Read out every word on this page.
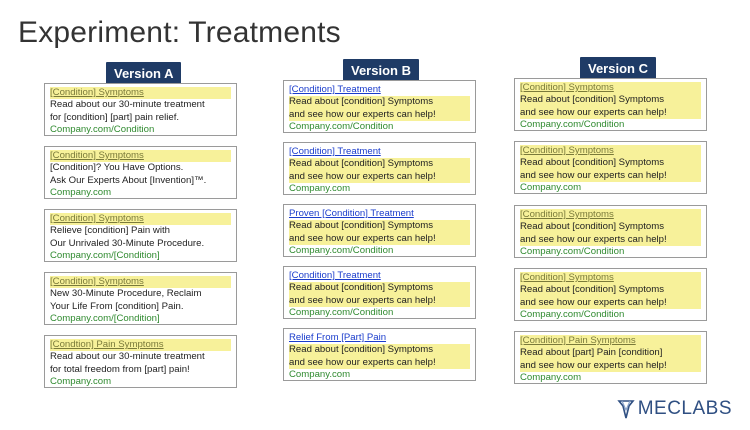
Experiment: Treatments
Version A
[Condition] Symptoms
Read about our 30-minute treatment
for [condition] [part] pain relief.
Company.com/Condition
[Condition] Symptoms
[Condition]? You Have Options.
Ask Our Experts About [Invention]™.
Company.com
[Condition] Symptoms
Relieve [condition] Pain with
Our Unrivaled 30-Minute Procedure.
Company.com/[Condition]
[Condition] Symptoms
New 30-Minute Procedure, Reclaim
Your Life From [condition] Pain.
Company.com/[Condition]
[Condtion] Pain Symptoms
Read about our 30-minute treatment
for total freedom from [part] pain!
Company.com
Version B
[Condition] Treatment
Read about [condition] Symptoms
and see how our experts can help!
Company.com/Condition
[Condition] Treatment
Read about [condition] Symptoms
and see how our experts can help!
Company.com
Proven [Condition] Treatment
Read about [condition] Symptoms
and see how our experts can help!
Company.com/Condition
[Condition] Treatment
Read about [condition] Symptoms
and see how our experts can help!
Company.com/Condition
Relief From [Part] Pain
Read about [condition] Symptoms
and see how our experts can help!
Company.com
Version C
[Condition] Symptoms
Read about [condition] Symptoms
and see how our experts can help!
Company.com/Condition
[Condition] Symptoms
Read about [condition] Symptoms
and see how our experts can help!
Company.com
[Condition] Symptoms
Read about [condition] Symptoms
and see how our experts can help!
Company.com/Condition
[Condition] Symptoms
Read about [condition] Symptoms
and see how our experts can help!
Company.com/Condition
[Condition] Pain Symptoms
Read about [part] Pain [condition]
and see how our experts can help!
Company.com
MECLABS
